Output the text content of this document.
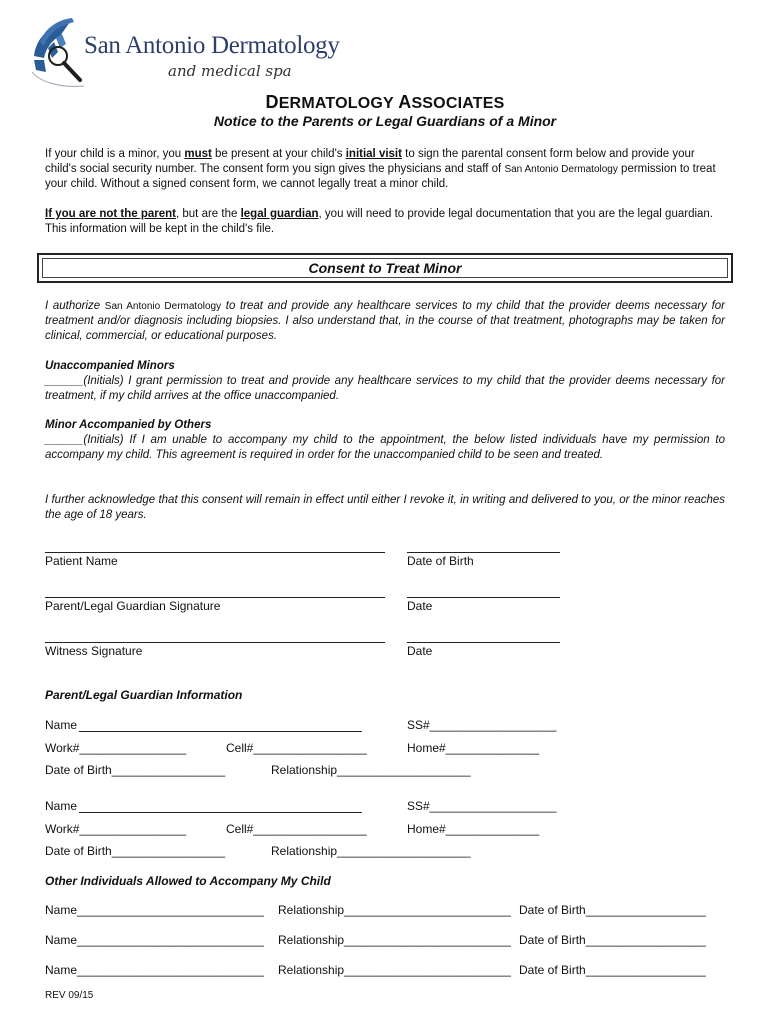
San Antonio Dermatology
and medical spa
DERMATOLOGY ASSOCIATES
Notice to the Parents or Legal Guardians of a Minor
If your child is a minor, you must be present at your child's initial visit to sign the parental consent form below and provide your child's social security number. The consent form you sign gives the physicians and staff of San Antonio Dermatology permission to treat your child. Without a signed consent form, we cannot legally treat a minor child.
If you are not the parent, but are the legal guardian, you will need to provide legal documentation that you are the legal guardian. This information will be kept in the child's file.
Consent to Treat Minor
I authorize San Antonio Dermatology to treat and provide any healthcare services to my child that the provider deems necessary for treatment and/or diagnosis including biopsies. I also understand that, in the course of that treatment, photographs may be taken for clinical, commercial, or educational purposes.
Unaccompanied Minors
______(Initials) I grant permission to treat and provide any healthcare services to my child that the provider deems necessary for treatment, if my child arrives at the office unaccompanied.
Minor Accompanied by Others
______(Initials) If I am unable to accompany my child to the appointment, the below listed individuals have my permission to accompany my child. This agreement is required in order for the unaccompanied child to be seen and treated.
I further acknowledge that this consent will remain in effect until either I revoke it, in writing and delivered to you, or the minor reaches the age of 18 years.
Patient Name	Date of Birth
Parent/Legal Guardian Signature	Date
Witness Signature	Date
Parent/Legal Guardian Information
Name	SS#___________________
Work#________________	Cell#_________________	Home#______________
Date of Birth_________________	Relationship____________________
Name	SS#___________________
Work#________________	Cell#_________________	Home#______________
Date of Birth_________________	Relationship____________________
Other Individuals Allowed to Accompany My Child
Name____________________________ Relationship_________________________ Date of Birth__________________
Name____________________________ Relationship_________________________ Date of Birth__________________
Name____________________________ Relationship_________________________ Date of Birth__________________
REV 09/15
